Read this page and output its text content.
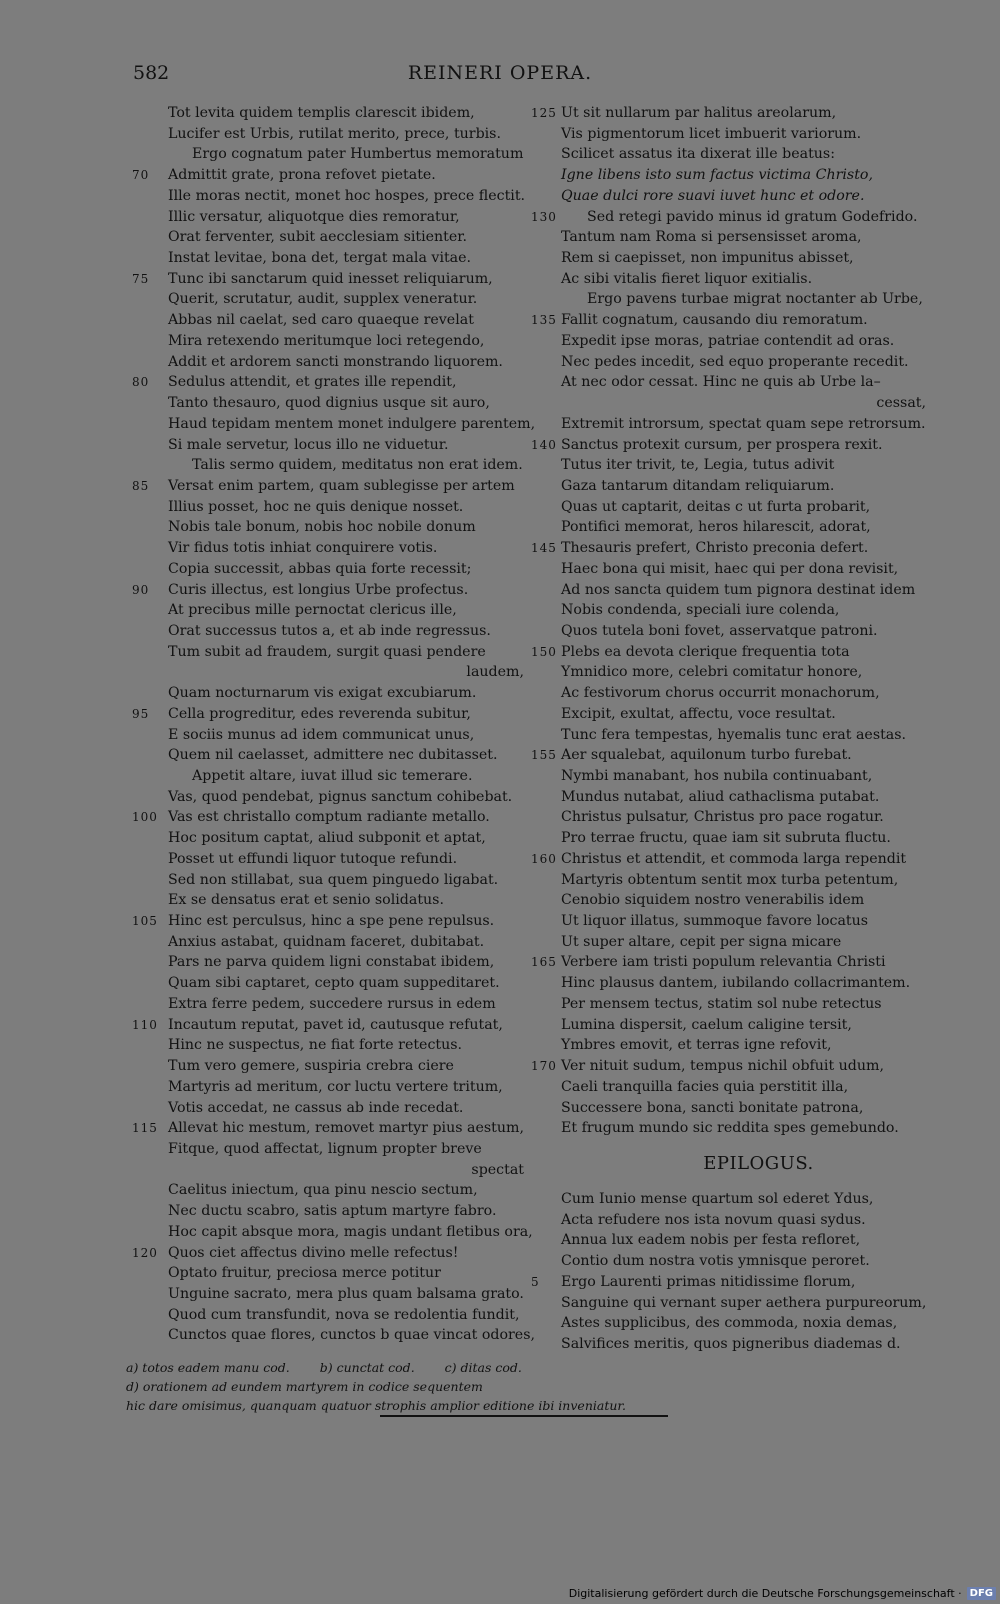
582	REINERI OPERA.
Tot levita quidem templis clarescit ibidem,
Lucifer est Urbis, rutilat merito, prece, turbis.
Ergo cognatum pater Humbertus memoratum
70	Admittit grate, prona refovet pietate.
Ille moras nectit, monet hoc hospes, prece flectit.
Illic versatur, aliquotque dies remoratur,
Orat ferventer, subit aecclesiam sitienter.
Instat levitae, bona det, tergat mala vitae.
75	Tunc ibi sanctarum quid inesset reliquiarum,
Querit, scrutatur, audit, supplex veneratur.
Abbas nil caelat, sed caro quaeque revelat
Mira retexendo meritumque loci retegendo,
Addit et ardorem sancti monstrando liquorem.
80	Sedulus attendit, et grates ille rependit,
Tanto thesauro, quod dignius usque sit auro,
Haud tepidam mentem monet indulgere parentem,
Si male servetur, locus illo ne viduetur.
Talis sermo quidem, meditatus non erat idem.
85	Versat enim partem, quam sublegisse per artem
Illius posset, hoc ne quis denique nosset.
Nobis tale bonum, nobis hoc nobile donum
Vir fidus totis inhiat conquirere votis.
Copia successit, abbas quia forte recessit;
90	Curis illectus, est longius Urbe profectus.
At precibus mille pernoctat clericus ille,
Orat successus tutos a, et ab inde regressus.
Tum subit ad fraudem, surgit quasi pendere
laudem,
Quam nocturnarum vis exigat excubiarum.
95	Cella progreditur, edes reverenda subitur,
E sociis munus ad idem communicat unus,
Quem nil caelasset, admittere nec dubitasset.
Appetit altare, iuvat illud sic temerare.
Vas, quod pendebat, pignus sanctum cohibebat.
100 Vas est christallo comptum radiante metallo.
Hoc positum captat, aliud subponit et aptat,
Posset ut effundi liquor tutoque refundi.
Sed non stillabat, sua quem pinguedo ligabat.
Ex se densatus erat et senio solidatus.
105 Hinc est perculsus, hinc a spe pene repulsus.
Anxius astabat, quidnam faceret, dubitabat.
Pars ne parva quidem ligni constabat ibidem,
Quam sibi captaret, cepto quam suppeditaret.
Extra ferre pedem, succedere rursus in edem
110 Incautum reputat, pavet id, cautusque refutat,
Hinc ne suspectus, ne fiat forte retectus.
Tum vero gemere, suspiria crebra ciere
Martyris ad meritum, cor luctu vertere tritum,
Votis accedat, ne cassus ab inde recedat.
115 Allevat hic mestum, removet martyr pius aestum,
Fitque, quod affectat, lignum propter breve
spectat
Caelitus iniectum, qua pinu nescio sectum,
Nec ductu scabro, satis aptum martyre fabro.
Hoc capit absque mora, magis undant fletibus ora,
120 Quos ciet affectus divino melle refectus!
Optato fruitur, preciosa merce potitur
Unguine sacrato, mera plus quam balsama grato.
Quod cum transfundit, nova se redolentia fundit,
Cunctos quae flores, cunctos b quae vincat odores,
125 Ut sit nullarum par halitus areolarum,
Vis pigmentorum licet imbuerit variorum.
Scilicet assatus ita dixerat ille beatus:
Igne libens isto sum factus victima Christo,
Quae dulci rore suavi iuvet hunc et odore.
130 Sed retegi pavido minus id gratum Godefrido.
Tantum nam Roma si persensisset aroma,
Rem si caepisset, non impunitus abisset,
Ac sibi vitalis fieret liquor exitialis.
Ergo pavens turbae migrat noctanter ab Urbe,
135 Fallit cognatum, causando diu remoratum.
Expedit ipse moras, patriae contendit ad oras.
Nec pedes incedit, sed equo properante recedit.
At nec odor cessat. Hinc ne quis ab Urbe la–
cessat,
Extremit introrsum, spectat quam sepe retrorsum.
140 Sanctus protexit cursum, per prospera rexit.
Tutus iter trivit, te, Legia, tutus adivit
Gaza tantarum ditandam reliquiarum.
Quas ut captarit, deitas c ut furta probarit,
Pontifici memorat, heros hilarescit, adorat,
145 Thesauris prefert, Christo preconia defert.
Haec bona qui misit, haec qui per dona revisit,
Ad nos sancta quidem tum pignora destinat idem
Nobis condenda, speciali iure colenda,
Quos tutela boni fovet, asservatque patroni.
150 Plebs ea devota clerique frequentia tota
Ymnidico more, celebri comitatur honore,
Ac festivorum chorus occurrit monachorum,
Excipit, exultat, affectu, voce resultat.
Tunc fera tempestas, hyemalis tunc erat aestas.
155 Aer squalebat, aquilonum turbo furebat.
Nymbi manabant, hos nubila continuabant,
Mundus nutabat, aliud cathaclisma putabat.
Christus pulsatur, Christus pro pace rogatur.
Pro terrae fructu, quae iam sit subruta fluctu.
160 Christus et attendit, et commoda larga rependit
Martyris obtentum sentit mox turba petentum,
Cenobio siquidem nostro venerabilis idem
Ut liquor illatus, summoque favore locatus
Ut super altare, cepit per signa micare
165 Verbere iam tristi populum relevantia Christi
Hinc plausus dantem, iubilando collacrimantem.
Per mensem tectus, statim sol nube retectus
Lumina dispersit, caelum caligine tersit,
Ymbres emovit, et terras igne refovit,
170 Ver nituit sudum, tempus nichil obfuit udum,
Caeli tranquilla facies quia perstitit illa,
Successere bona, sancti bonitate patrona,
Et frugum mundo sic reddita spes gemebundo.
EPILOGUS.
Cum Iunio mense quartum sol ederet Ydus,
Acta refudere nos ista novum quasi sydus.
Annua lux eadem nobis per festa refloret,
Contio dum nostra votis ymnisque peroret.
5	Ergo Laurenti primas nitidissime florum,
Sanguine qui vernant super aethera purpureorum,
Astes supplicibus, des commoda, noxia demas,
Salvifices meritis, quos pigneribus diademas d.
a) totos eadem manu cod. b) cunctat cod. c) ditas cod. d) orationem ad eundem martyrem in codice sequentem
hic dare omisimus, quanquam quatuor strophis amplior editione ibi inveniatur.
Digitalisierung gefördert durch die Deutsche Forschungsgemeinschaft · DFG
